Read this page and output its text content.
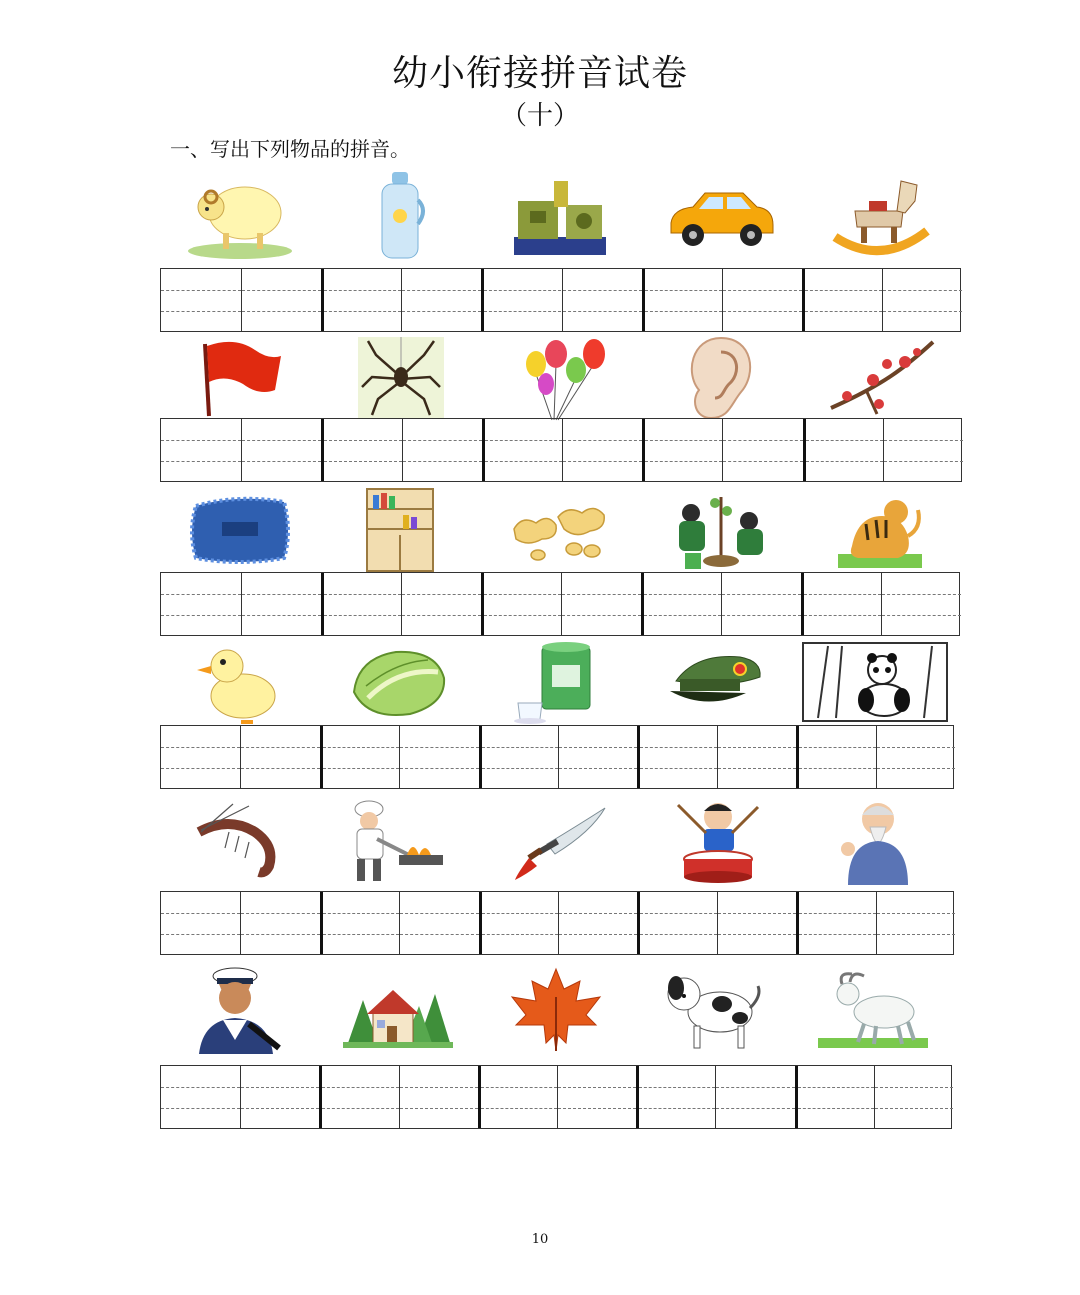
幼小衔接拼音试卷
（十）
一、写出下列物品的拼音。
10
